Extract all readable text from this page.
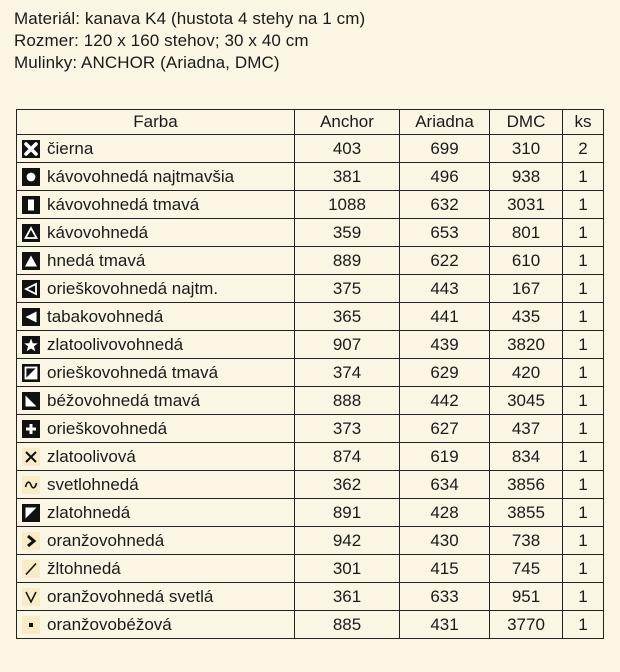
Materiál: kanava K4 (hustota 4 stehy na 1 cm)
Rozmer: 120 x 160 stehov; 30 x 40 cm
Mulinky: ANCHOR (Ariadna, DMC)
Farba	Anchor	Ariadna	DMC	ks

čierna	403	699	310	2

kávovohnedá najtmavšia	381	496	938	1

kávovohnedá tmavá	1088	632	3031	1

kávovohnedá	359	653	801	1

hnedá tmavá	889	622	610	1

orieškovohnedá najtm.	375	443	167	1

tabakovohnedá	365	441	435	1

zlatoolivovohnedá	907	439	3820	1

orieškovohnedá tmavá	374	629	420	1

béžovohnedá tmavá	888	442	3045	1

orieškovohnedá	373	627	437	1

zlatoolivová	874	619	834	1

svetlohnedá	362	634	3856	1

zlatohnedá	891	428	3855	1

oranžovohnedá	942	430	738	1

žltohnedá	301	415	745	1

oranžovohnedá svetlá	361	633	951	1

oranžovobéžová	885	431	3770	1
